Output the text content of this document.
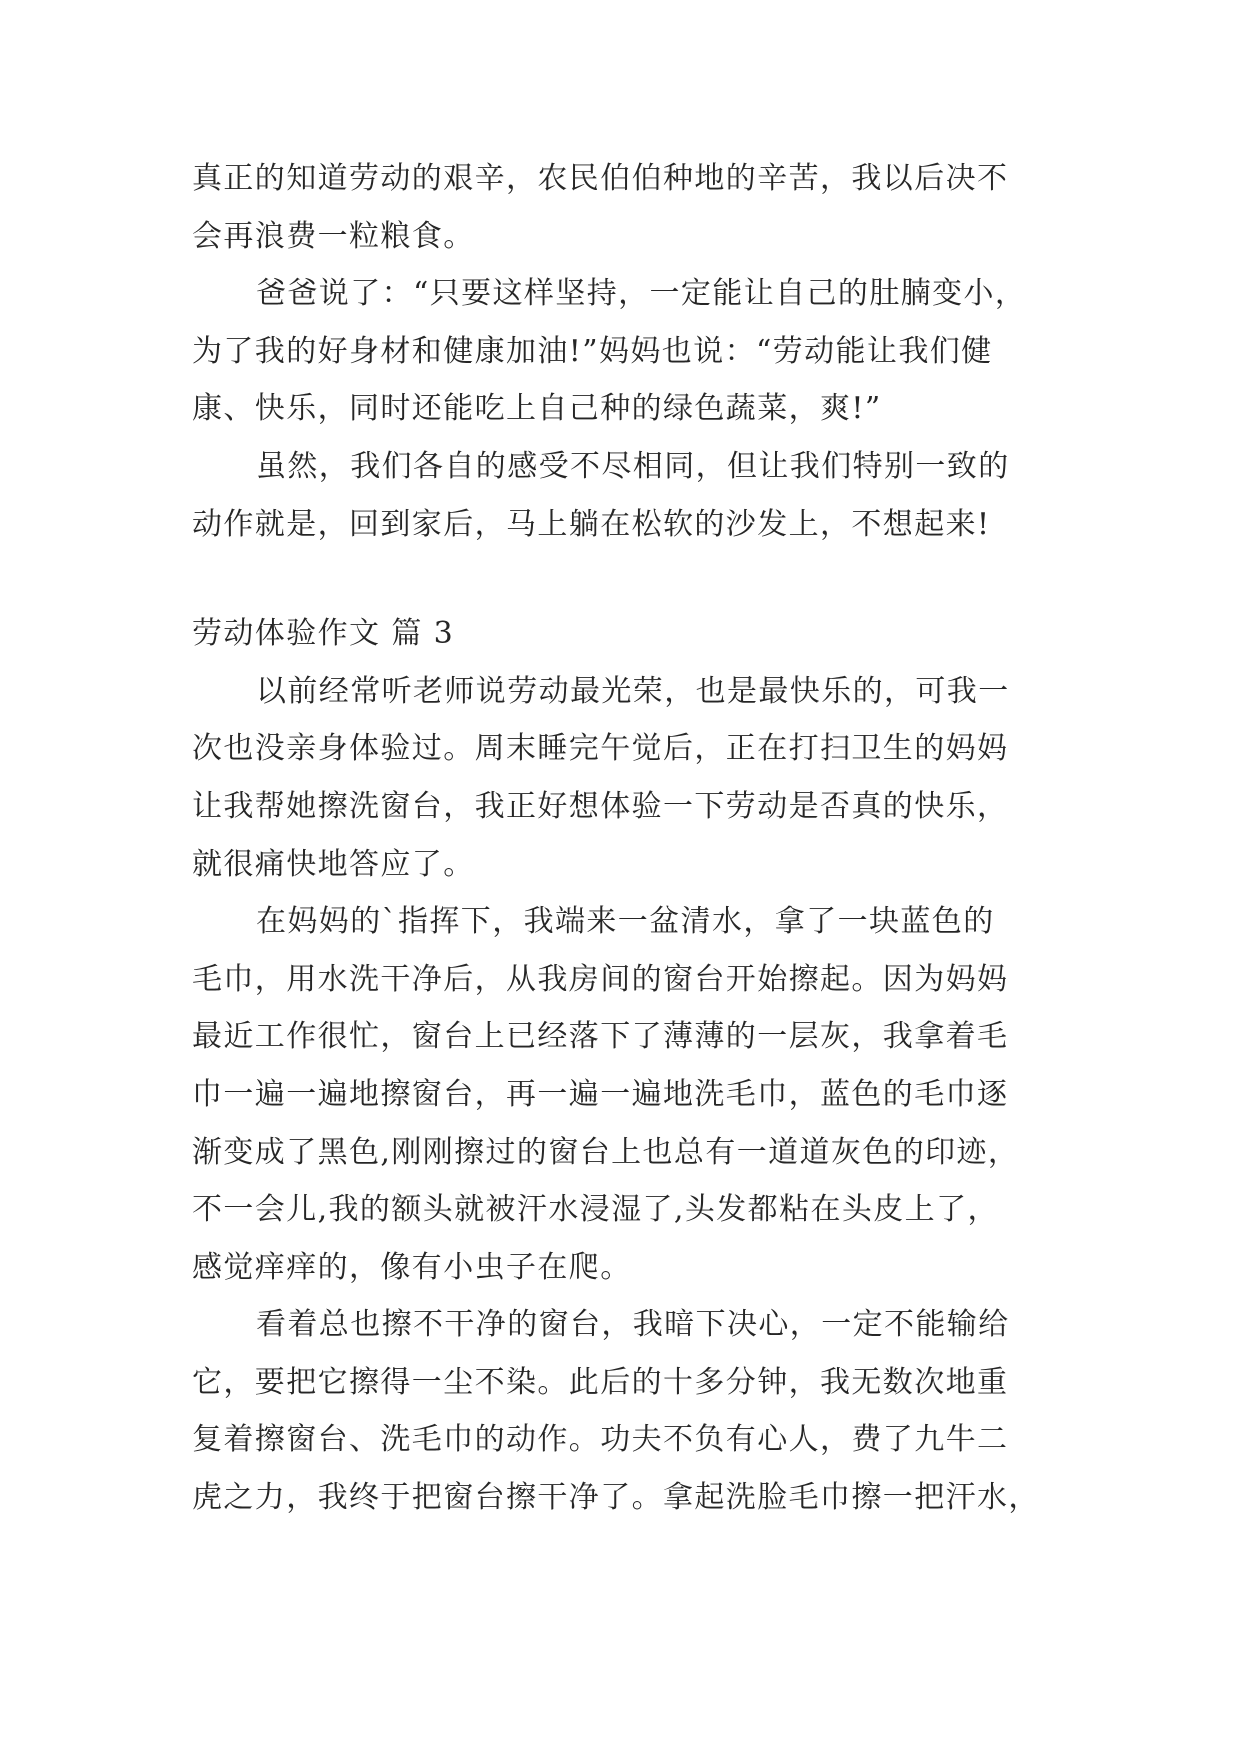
真正的知道劳动的艰辛，农民伯伯种地的辛苦，我以后决不
会再浪费一粒粮食。
爸爸说了：“只要这样坚持，一定能让自己的肚腩变小，
为了我的好身材和健康加油!”妈妈也说：“劳动能让我们健
康、快乐，同时还能吃上自己种的绿色蔬菜，爽!”
虽然，我们各自的感受不尽相同，但让我们特别一致的
动作就是，回到家后，马上躺在松软的沙发上，不想起来!
劳动体验作文 篇 3
以前经常听老师说劳动最光荣，也是最快乐的，可我一
次也没亲身体验过。周末睡完午觉后，正在打扫卫生的妈妈
让我帮她擦洗窗台，我正好想体验一下劳动是否真的快乐，
就很痛快地答应了。
在妈妈的`指挥下，我端来一盆清水，拿了一块蓝色的
毛巾，用水洗干净后，从我房间的窗台开始擦起。因为妈妈
最近工作很忙，窗台上已经落下了薄薄的一层灰，我拿着毛
巾一遍一遍地擦窗台，再一遍一遍地洗毛巾，蓝色的毛巾逐
渐变成了黑色,刚刚擦过的窗台上也总有一道道灰色的印迹，
不一会儿,我的额头就被汗水浸湿了,头发都粘在头皮上了，
感觉痒痒的，像有小虫子在爬。
看着总也擦不干净的窗台，我暗下决心，一定不能输给
它，要把它擦得一尘不染。此后的十多分钟，我无数次地重
复着擦窗台、洗毛巾的动作。功夫不负有心人，费了九牛二
虎之力，我终于把窗台擦干净了。拿起洗脸毛巾擦一把汗水，
